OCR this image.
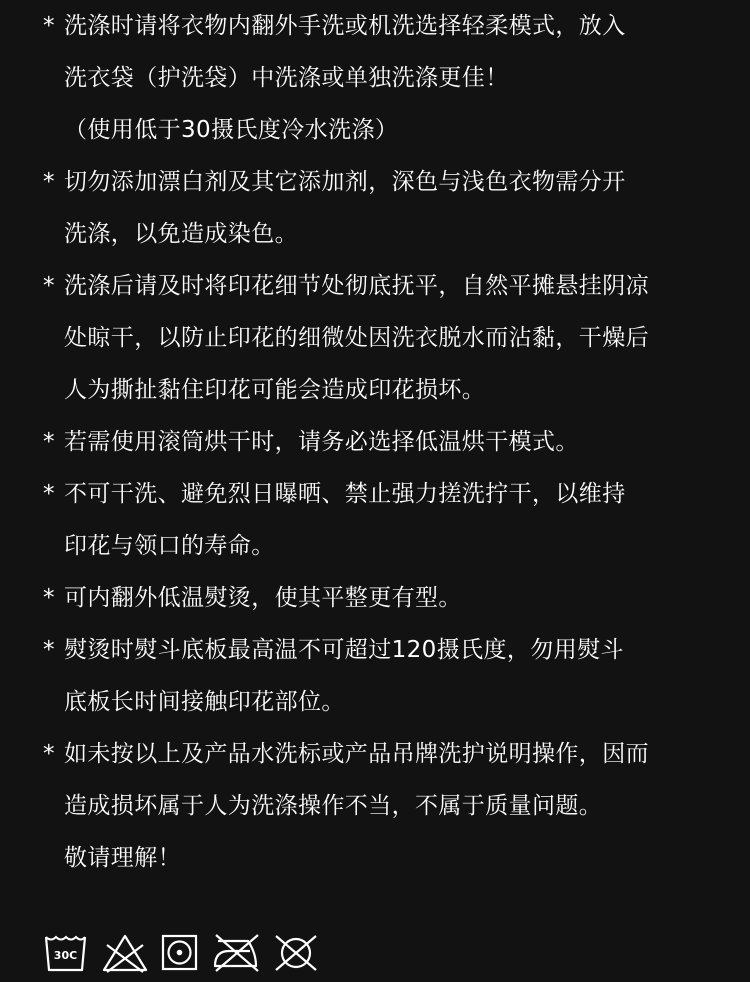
* 洗涤时请将衣物内翻外手洗或机洗选择轻柔模式，放入
洗衣袋（护洗袋）中洗涤或单独洗涤更佳！
（使用低于30摄氏度冷水洗涤）
* 切勿添加漂白剂及其它添加剂，深色与浅色衣物需分开
洗涤，以免造成染色。
* 洗涤后请及时将印花细节处彻底抚平，自然平摊悬挂阴凉
处晾干，以防止印花的细微处因洗衣脱水而沾黏，干燥后
人为撕扯黏住印花可能会造成印花损坏。
* 若需使用滚筒烘干时，请务必选择低温烘干模式。
* 不可干洗、避免烈日曝晒、禁止强力搓洗拧干，以维持
印花与领口的寿命。
* 可内翻外低温熨烫，使其平整更有型。
* 熨烫时熨斗底板最高温不可超过120摄氏度，勿用熨斗
底板长时间接触印花部位。
* 如未按以上及产品水洗标或产品吊牌洗护说明操作，因而
造成损坏属于人为洗涤操作不当，不属于质量问题。
敬请理解！
30C
